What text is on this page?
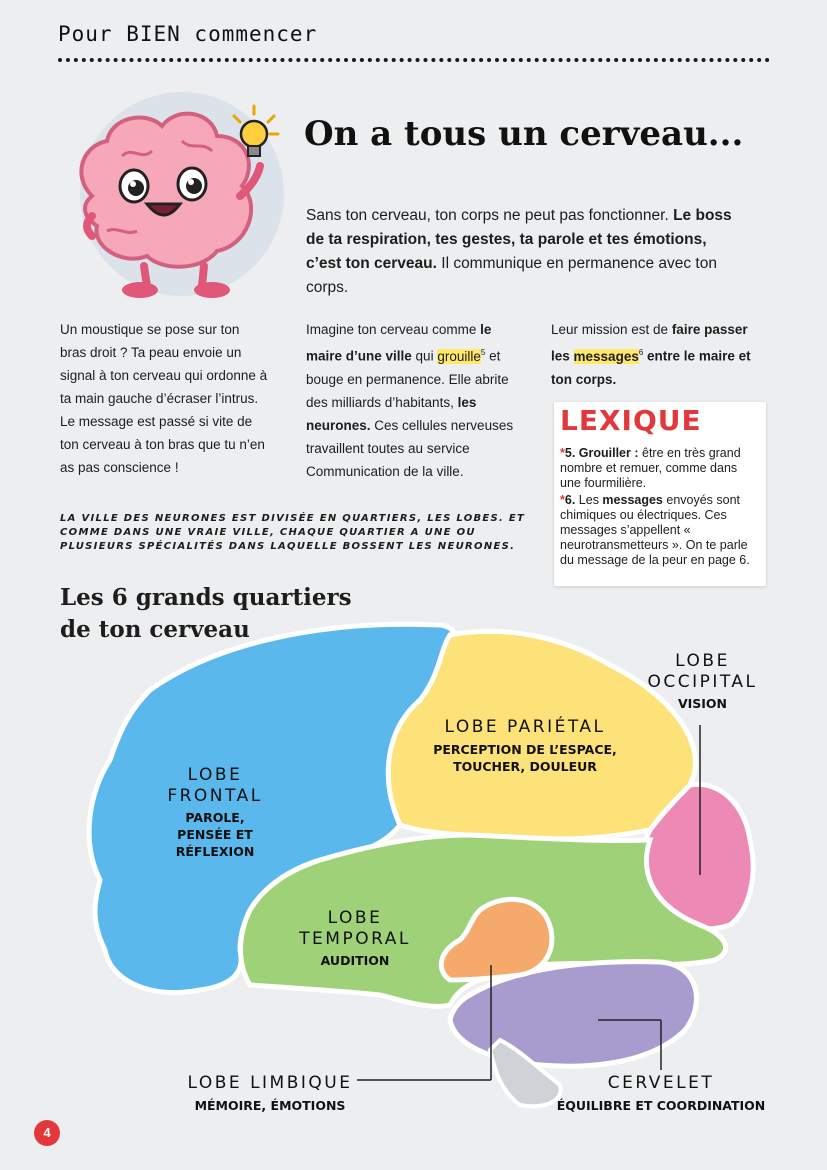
Pour BIEN commencer
On a tous un cerveau...
Sans ton cerveau, ton corps ne peut pas fonctionner. Le boss de ta respiration, tes gestes, ta parole et tes émotions, c’est ton cerveau. Il communique en permanence avec ton corps.
Un moustique se pose sur ton bras droit ? Ta peau envoie un signal à ton cerveau qui ordonne à ta main gauche d’écraser l’intrus. Le message est passé si vite de ton cerveau à ton bras que tu n’en as pas conscience !
Imagine ton cerveau comme le maire d’une ville qui grouille$^5$ et bouge en permanence. Elle abrite des milliards d’habitants, les neurones. Ces cellules nerveuses travaillent toutes au service Communication de la ville.
Leur mission est de faire passer les messages$^6$ entre le maire et ton corps.
LEXIQUE
*5. Grouiller : être en très grand nombre et remuer, comme dans une fourmilière.
*6. Les messages envoyés sont chimiques ou électriques. Ces messages s’appellent « neurotransmetteurs ». On te parle du message de la peur en page 6.
LA VILLE DES NEURONES EST DIVISÉE EN QUARTIERS, LES LOBES. ET COMME DANS UNE VRAIE VILLE, CHAQUE QUARTIER A UNE OU PLUSIEURS SPÉCIALITÉS DANS LAQUELLE BOSSENT LES NEURONES.
Les 6 grands quartiers
de ton cerveau
LOBE
FRONTAL
PAROLE,
PENSÉE ET RÉFLEXION
LOBE PARIÉTAL
PERCEPTION DE L’ESPACE,
TOUCHER, DOULEUR
LOBE
OCCIPITAL
VISION
LOBE
TEMPORAL
AUDITION
LOBE LIMBIQUE
MÉMOIRE, ÉMOTIONS
CERVELET
ÉQUILIBRE ET COORDINATION
4
